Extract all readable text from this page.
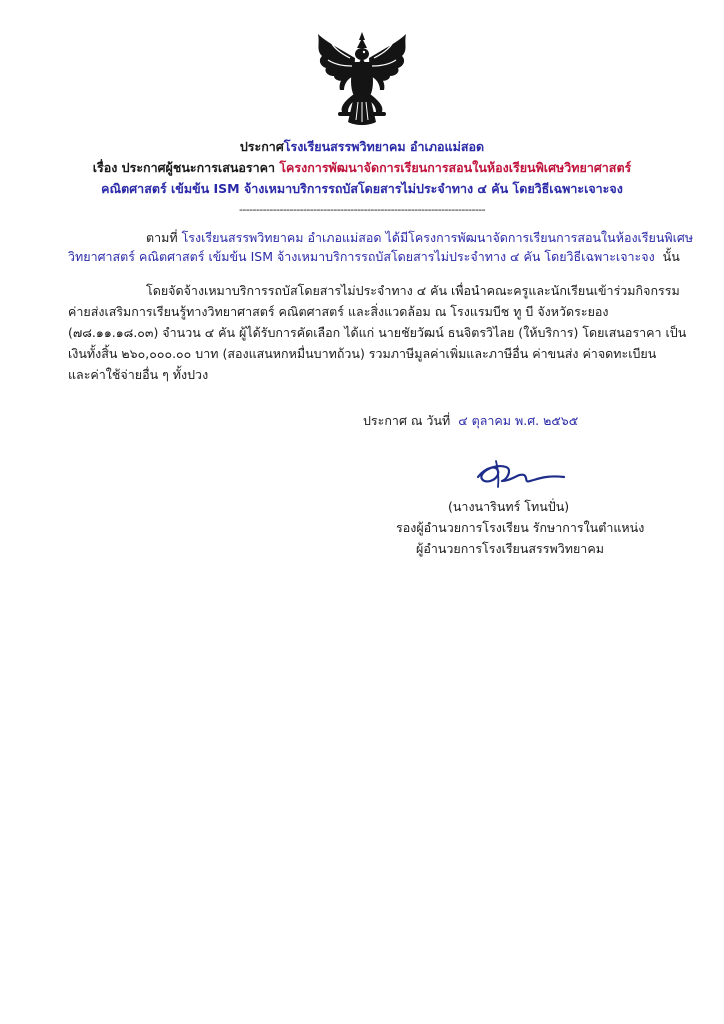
ประกาศโรงเรียนสรรพวิทยาคม อำเภอแม่สอด
เรื่อง ประกาศผู้ชนะการเสนอราคา โครงการพัฒนาจัดการเรียนการสอนในห้องเรียนพิเศษวิทยาศาสตร์
คณิตศาสตร์ เข้มข้น ISM จ้างเหมาบริการรถบัสโดยสารไม่ประจำทาง ๔ คัน โดยวิธีเฉพาะเจาะจง
-------------------------------------------------------------------------
ตามที่ โรงเรียนสรรพวิทยาคม อำเภอแม่สอด ได้มีโครงการพัฒนาจัดการเรียนการสอนในห้องเรียนพิเศษ
วิทยาศาสตร์ คณิตศาสตร์ เข้มข้น ISM จ้างเหมาบริการรถบัสโดยสารไม่ประจำทาง ๔ คัน โดยวิธีเฉพาะเจาะจง นั้น
โดยจัดจ้างเหมาบริการรถบัสโดยสารไม่ประจำทาง ๔ คัน เพื่อนำคณะครูและนักเรียนเข้าร่วมกิจกรรม
ค่ายส่งเสริมการเรียนรู้ทางวิทยาศาสตร์ คณิตศาสตร์ และสิ่งแวดล้อม ณ โรงแรมบีช ทู บี จังหวัดระยอง
(๗๘.๑๑.๑๘.๐๓) จำนวน ๔ คัน ผู้ได้รับการคัดเลือก ได้แก่ นายชัยวัฒน์ ธนจิตรวิไลย (ให้บริการ) โดยเสนอราคา เป็น
เงินทั้งสิ้น ๒๖๐,๐๐๐.๐๐ บาท (สองแสนหกหมื่นบาทถ้วน) รวมภาษีมูลค่าเพิ่มและภาษีอื่น ค่าขนส่ง ค่าจดทะเบียน
และค่าใช้จ่ายอื่น ๆ ทั้งปวง
ประกาศ ณ วันที่  ๔ ตุลาคม พ.ศ. ๒๕๖๕
(นางนารินทร์ โทนปั่น)
รองผู้อำนวยการโรงเรียน รักษาการในตำแหน่ง
ผู้อำนวยการโรงเรียนสรรพวิทยาคม
